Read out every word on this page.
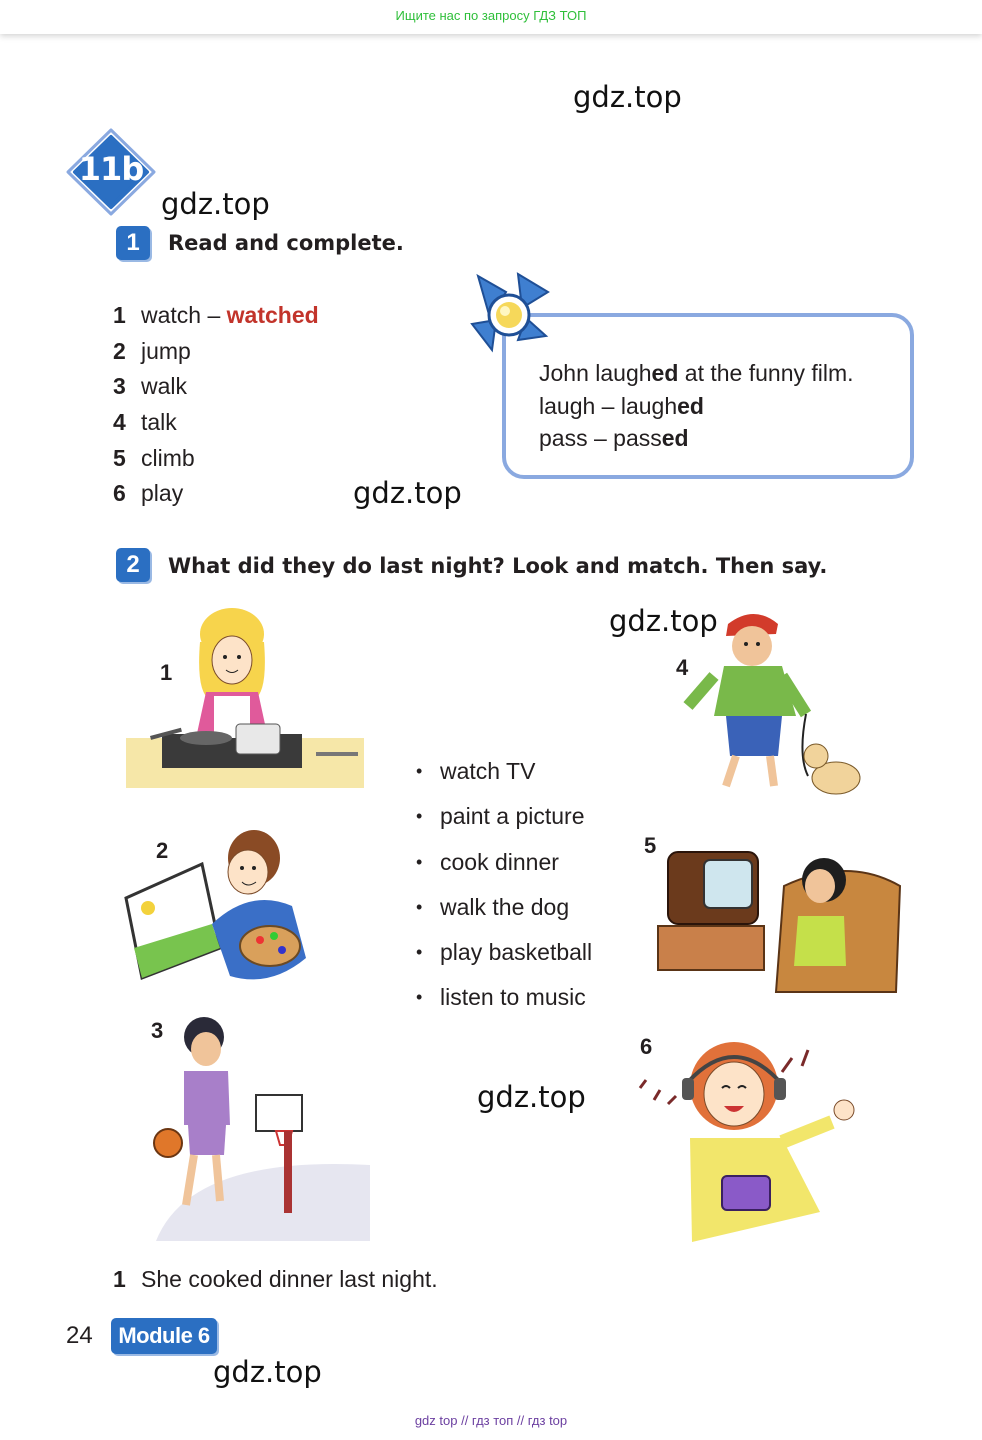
Ищите нас по запросу ГДЗ ТОП
gdz.top
gdz.top
gdz.top
gdz.top
gdz.top
gdz.top
11b
1	Read and complete.
1 watch – watched
2 jump
3 walk
4 talk
5 climb
6 play
John laughed at the funny film.
laugh – laughed
pass – passed
2	What did they do last night? Look and match. Then say.
1
2
3
4
5
6
• watch TV
• paint a picture
• cook dinner
• walk the dog
• play basketball
• listen to music
1 She cooked dinner last night.
24	Module 6
gdz top // гдз топ // гдз top
